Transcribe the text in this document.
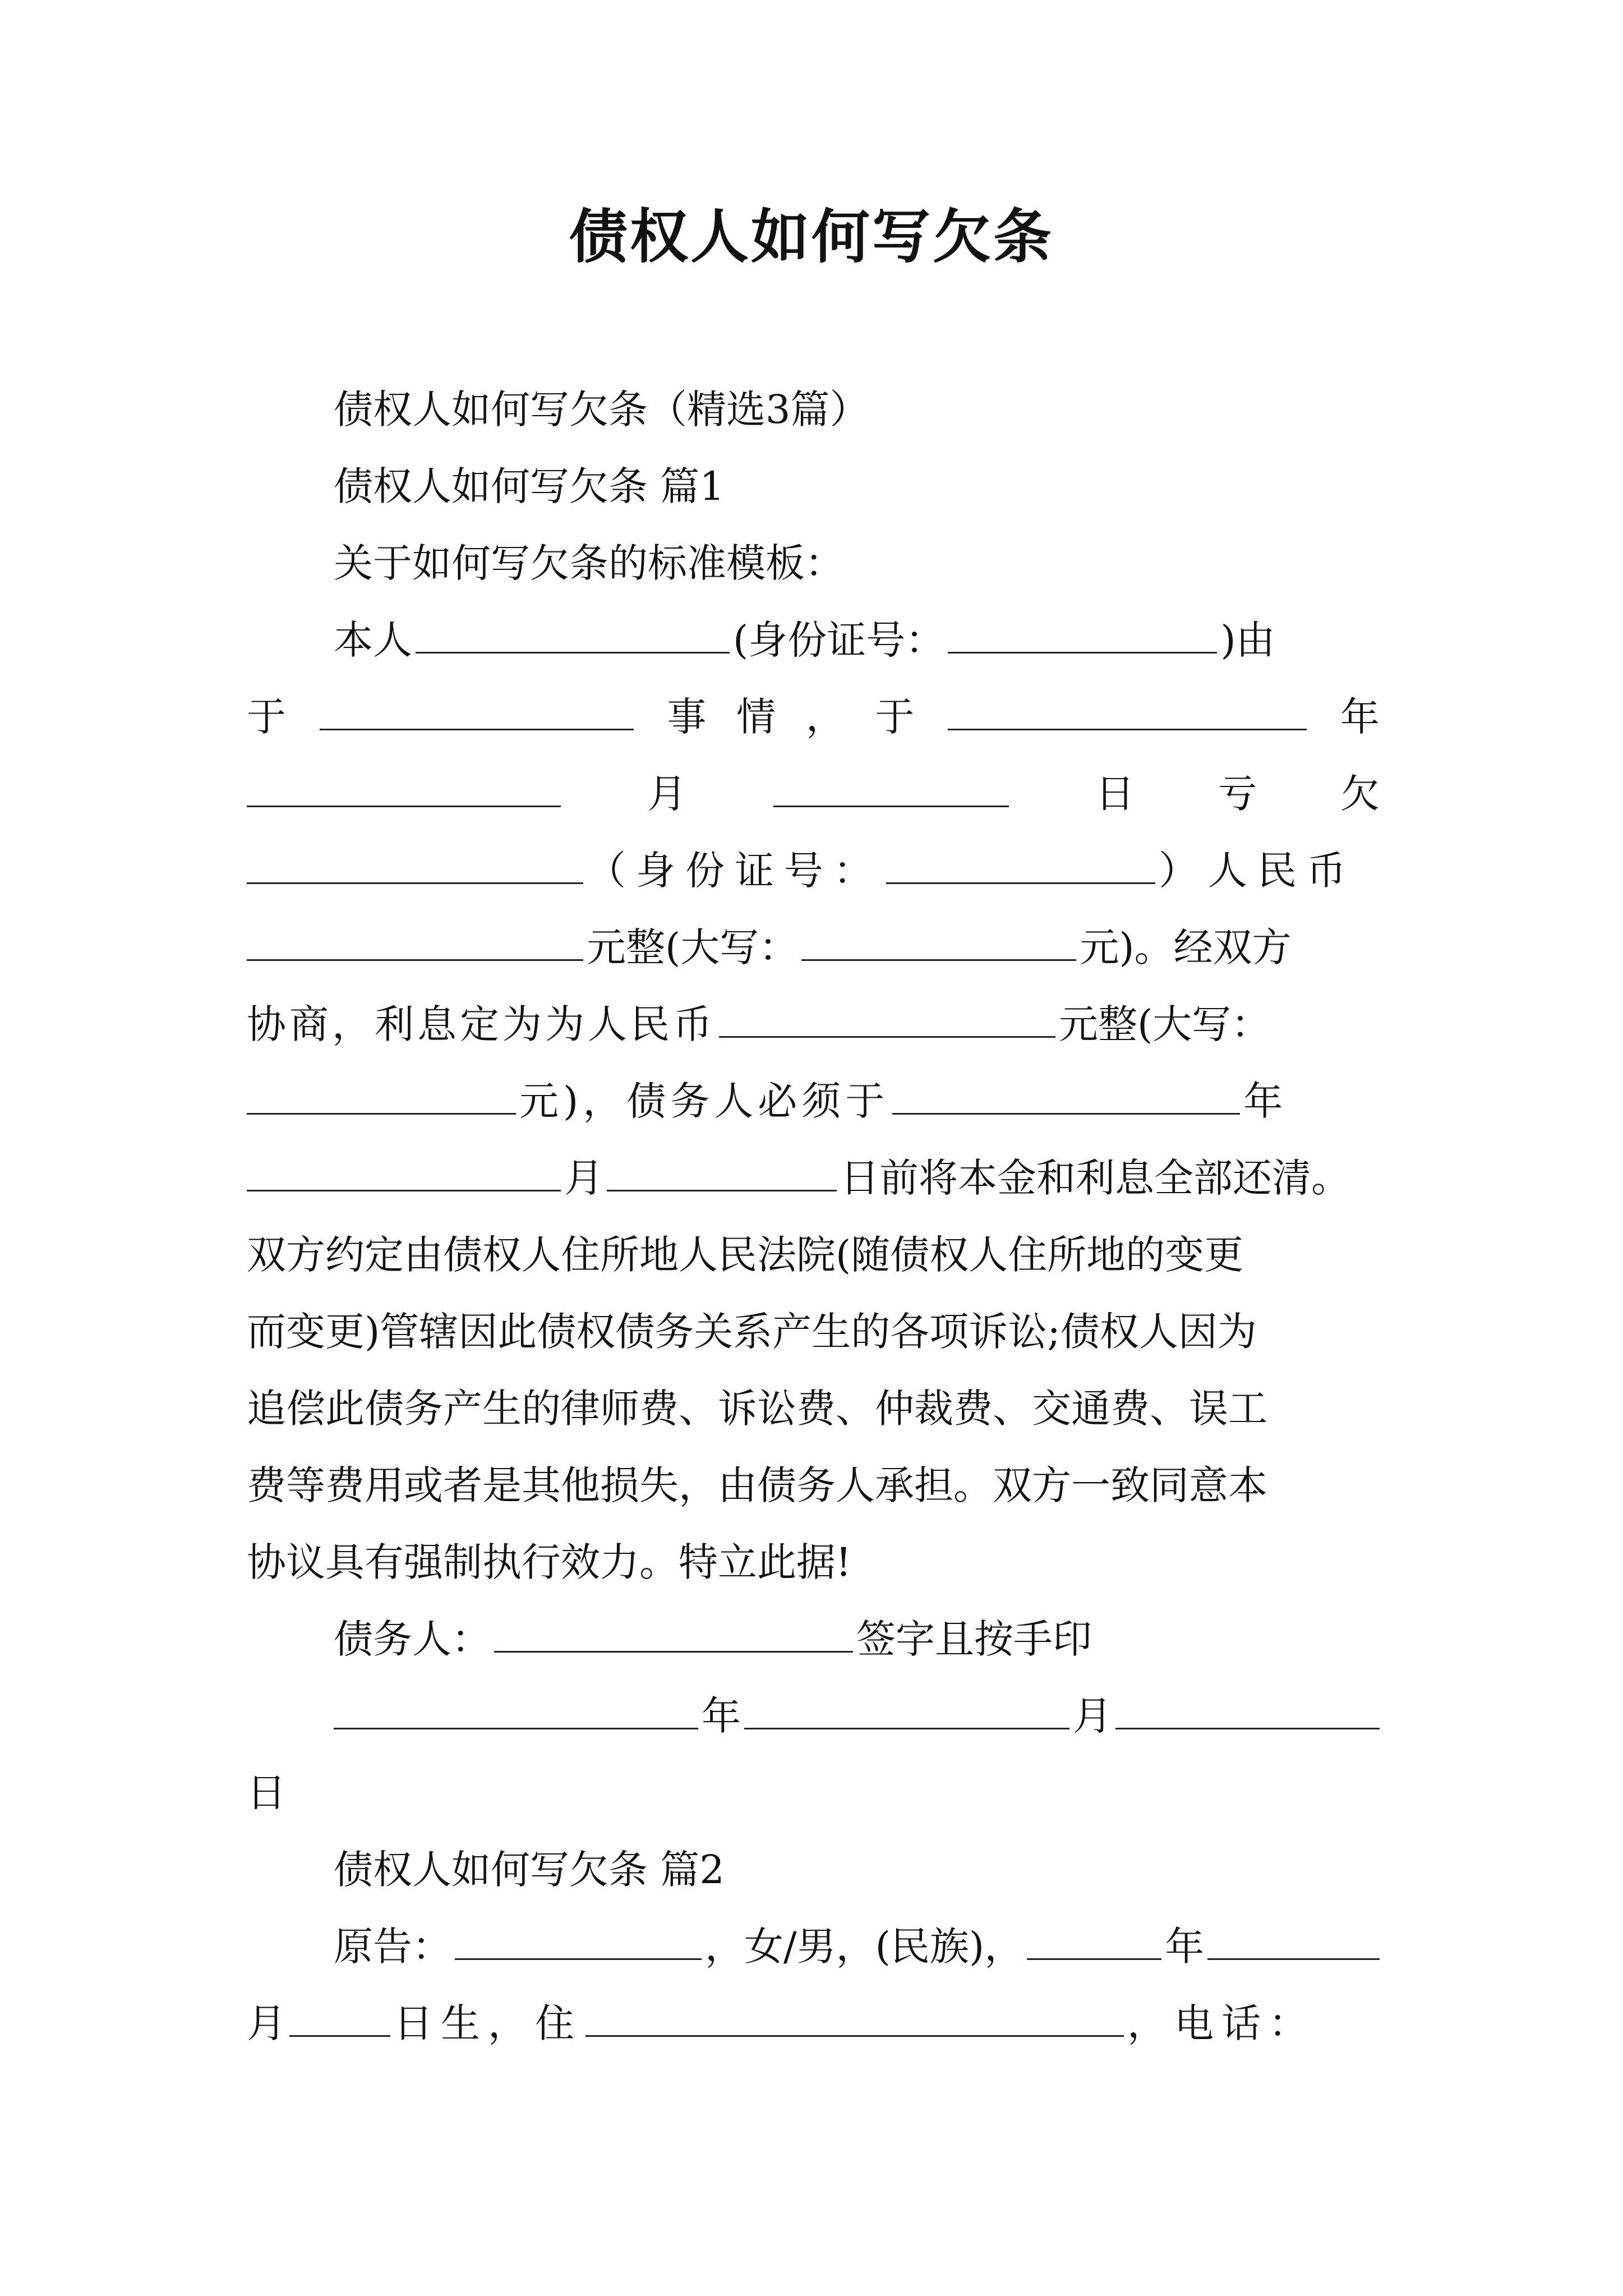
债权人如何写欠条
债权人如何写欠条（精选3篇）
债权人如何写欠条 篇1
关于如何写欠条的标准模板：
本人	(身份证号：	)由
于	事 情 ， 于	年
月	日 亏 欠
（身份证号：	）人民币
元整(大写：	元)。经双方
协商，利息定为为人民币	元整(大写：
元)，债务人必须于	年
月	日前将本金和利息全部还清。
双方约定由债权人住所地人民法院(随债权人住所地的变更
而变更)管辖因此债权债务关系产生的各项诉讼;债权人因为
追偿此债务产生的律师费、诉讼费、仲裁费、交通费、误工
费等费用或者是其他损失，由债务人承担。双方一致同意本
协议具有强制执行效力。特立此据!
债务人：	签字且按手印
年	月
日
债权人如何写欠条 篇2
原告：	，女/男，(民族)，	年
月	日生，住	，电话：
